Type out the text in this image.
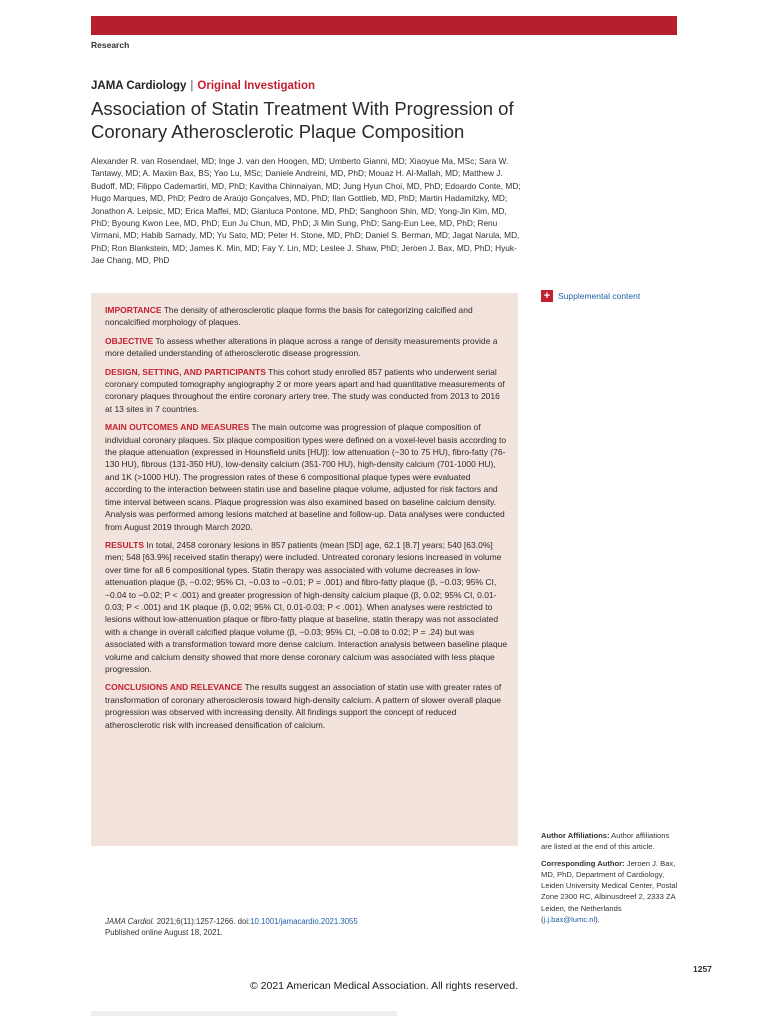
Research
JAMA Cardiology | Original Investigation
Association of Statin Treatment With Progression of Coronary Atherosclerotic Plaque Composition

Alexander R. van Rosendael, MD; Inge J. van den Hoogen, MD; Umberto Gianni, MD; Xiaoyue Ma, MSc; Sara W. Tantawy, MD; A. Maxim Bax, BS; Yao Lu, MSc; Daniele Andreini, MD, PhD; Mouaz H. Al-Mallah, MD; Matthew J. Budoff, MD; Filippo Cademartiri, MD, PhD; Kavitha Chinnaiyan, MD; Jung Hyun Choi, MD, PhD; Edoardo Conte, MD; Hugo Marques, MD, PhD; Pedro de Araújo Gonçalves, MD, PhD; Ilan Gottlieb, MD, PhD; Martin Hadamitzky, MD; Jonathon A. Leipsic, MD; Erica Maffei, MD; Gianluca Pontone, MD, PhD; Sanghoon Shin, MD; Yong-Jin Kim, MD, PhD; Byoung Kwon Lee, MD, PhD; Eun Ju Chun, MD, PhD; Ji Min Sung, PhD; Sang-Eun Lee, MD, PhD; Renu Virmani, MD; Habib Samady, MD; Yu Sato, MD; Peter H. Stone, MD, PhD; Daniel S. Berman, MD; Jagat Narula, MD, PhD; Ron Blankstein, MD; James K. Min, MD; Fay Y. Lin, MD; Leslee J. Shaw, PhD; Jeroen J. Bax, MD, PhD; Hyuk-Jae Chang, MD, PhD

IMPORTANCE The density of atherosclerotic plaque forms the basis for categorizing calcified and noncalcified morphology of plaques.

OBJECTIVE To assess whether alterations in plaque across a range of density measurements provide a more detailed understanding of atherosclerotic disease progression.

DESIGN, SETTING, AND PARTICIPANTS This cohort study enrolled 857 patients who underwent serial coronary computed tomography angiography 2 or more years apart and had quantitative measurements of coronary plaques throughout the entire coronary artery tree. The study was conducted from 2013 to 2016 at 13 sites in 7 countries.

MAIN OUTCOMES AND MEASURES The main outcome was progression of plaque composition of individual coronary plaques. Six plaque composition types were defined on a voxel-level basis according to the plaque attenuation (expressed in Hounsfield units [HU]): low attenuation (−30 to 75 HU), fibro-fatty (76-130 HU), fibrous (131-350 HU), low-density calcium (351-700 HU), high-density calcium (701-1000 HU), and 1K (>1000 HU). The progression rates of these 6 compositional plaque types were evaluated according to the interaction between statin use and baseline plaque volume, adjusted for risk factors and time interval between scans. Plaque progression was also examined based on baseline calcium density. Analysis was performed among lesions matched at baseline and follow-up. Data analyses were conducted from August 2019 through March 2020.

RESULTS In total, 2458 coronary lesions in 857 patients (mean [SD] age, 62.1 [8.7] years; 540 [63.0%] men; 548 [63.9%] received statin therapy) were included. Untreated coronary lesions increased in volume over time for all 6 compositional types. Statin therapy was associated with volume decreases in low-attenuation plaque (β, −0.02; 95% CI, −0.03 to −0.01; P = .001) and fibro-fatty plaque (β, −0.03; 95% CI, −0.04 to −0.02; P < .001) and greater progression of high-density calcium plaque (β, 0.02; 95% CI, 0.01-0.03; P < .001) and 1K plaque (β, 0.02; 95% CI, 0.01-0.03; P < .001). When analyses were restricted to lesions without low-attenuation plaque or fibro-fatty plaque at baseline, statin therapy was not associated with a change in overall calcified plaque volume (β, −0.03; 95% CI, −0.08 to 0.02; P = .24) but was associated with a transformation toward more dense calcium. Interaction analysis between baseline plaque volume and calcium density showed that more dense coronary calcium was associated with less plaque progression.

CONCLUSIONS AND RELEVANCE The results suggest an association of statin use with greater rates of transformation of coronary atherosclerosis toward high-density calcium. A pattern of slower overall plaque progression was observed with increasing density. All findings support the concept of reduced atherosclerotic risk with increased densification of calcium.

+ Supplemental content
JAMA Cardiol. 2021;6(11):1257-1266. doi:10.1001/jamacardio.2021.3055
Published online August 18, 2021.

Author Affiliations: Author affiliations are listed at the end of this article.

Corresponding Author: Jeroen J. Bax, MD, PhD, Department of Cardiology, Leiden University Medical Center, Postal Zone 2300 RC, Albinusdreef 2, 2333 ZA Leiden, the Netherlands (j.j.bax@lumc.nl).

1257
© 2021 American Medical Association. All rights reserved.
